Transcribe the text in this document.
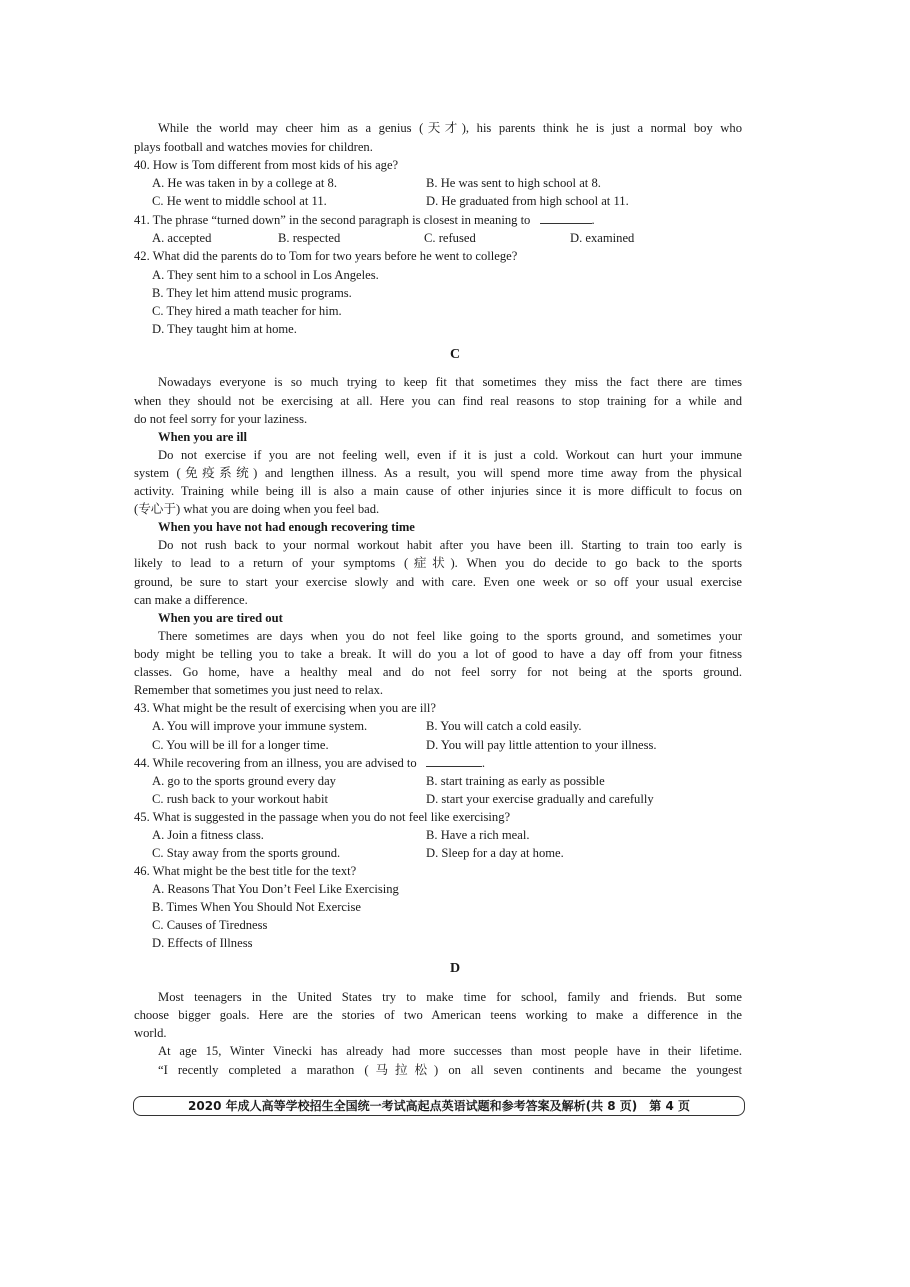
While the world may cheer him as a genius (天才), his parents think he is just a normal boy who
plays football and watches movies for children.
40. How is Tom different from most kids of his age?
A. He was taken in by a college at 8.	B. He was sent to high school at 8.
C. He went to middle school at 11.	D. He graduated from high school at 11.
41. The phrase “turned down” in the second paragraph is closest in meaning to	.
A. accepted	B. respected	C. refused	D. examined
42. What did the parents do to Tom for two years before he went to college?
A. They sent him to a school in Los Angeles.
B. They let him attend music programs.
C. They hired a math teacher for him.
D. They taught him at home.
C
Nowadays everyone is so much trying to keep fit that sometimes they miss the fact there are times
when they should not be exercising at all. Here you can find real reasons to stop training for a while and
do not feel sorry for your laziness.
When you are ill
Do not exercise if you are not feeling well, even if it is just a cold. Workout can hurt your immune
system (免疫系统) and lengthen illness. As a result, you will spend more time away from the physical
activity. Training while being ill is also a main cause of other injuries since it is more difficult to focus on
(专心于) what you are doing when you feel bad.
When you have not had enough recovering time
Do not rush back to your normal workout habit after you have been ill. Starting to train too early is
likely to lead to a return of your symptoms (症状). When you do decide to go back to the sports
ground, be sure to start your exercise slowly and with care. Even one week or so off your usual exercise
can make a difference.
When you are tired out
There sometimes are days when you do not feel like going to the sports ground, and sometimes your
body might be telling you to take a break. It will do you a lot of good to have a day off from your fitness
classes. Go home, have a healthy meal and do not feel sorry for not being at the sports ground.
Remember that sometimes you just need to relax.
43. What might be the result of exercising when you are ill?
A. You will improve your immune system.	B. You will catch a cold easily.
C. You will be ill for a longer time.	D. You will pay little attention to your illness.
44. While recovering from an illness, you are advised to	.
A. go to the sports ground every day	B. start training as early as possible
C. rush back to your workout habit	D. start your exercise gradually and carefully
45. What is suggested in the passage when you do not feel like exercising?
A. Join a fitness class.	B. Have a rich meal.
C. Stay away from the sports ground.	D. Sleep for a day at home.
46. What might be the best title for the text?
A. Reasons That You Don’t Feel Like Exercising
B. Times When You Should Not Exercise
C. Causes of Tiredness
D. Effects of Illness
D
Most teenagers in the United States try to make time for school, family and friends. But some
choose bigger goals. Here are the stories of two American teens working to make a difference in the
world.
At age 15, Winter Vinecki has already had more successes than most people have in their lifetime.
“I recently completed a marathon (马拉松) on all seven continents and became the youngest
2020 年成人高等学校招生全国统一考试高起点英语试题和参考答案及解析(共 8 页)　第 4 页
